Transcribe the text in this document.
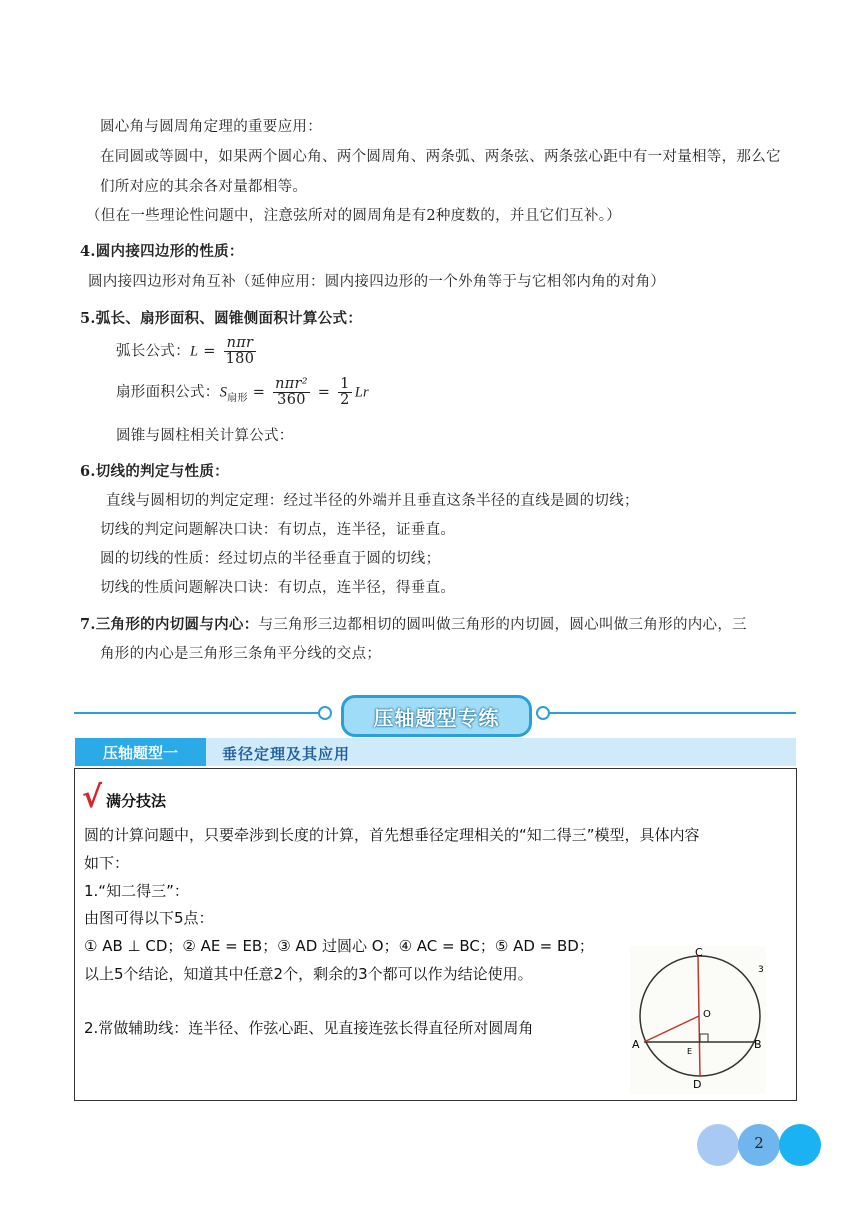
圆心角与圆周角定理的重要应用：
在同圆或等圆中，如果两个圆心角、两个圆周角、两条弧、两条弦、两条弦心距中有一对量相等，那么它
们所对应的其余各对量都相等。
（但在一些理论性问题中，注意弦所对的圆周角是有2种度数的，并且它们互补。）
4.圆内接四边形的性质：
圆内接四边形对角互补（延伸应用：圆内接四边形的一个外角等于与它相邻内角的对角）
5.弧长、扇形面积、圆锥侧面积计算公式：
弧长公式：$L = \frac{\text{nπr}}{180}$
扇形面积公式：$S_{扇形} = \frac{\text{nπr²}}{360} = \frac{1}{2}$ Lr
圆锥与圆柱相关计算公式：
6.切线的判定与性质：
直线与圆相切的判定定理：经过半径的外端并且垂直这条半径的直线是圆的切线；
切线的判定问题解决口诀：有切点，连半径，证垂直。
圆的切线的性质：经过切点的半径垂直于圆的切线；
切线的性质问题解决口诀：有切点，连半径，得垂直。
7.三角形的内切圆与内心：与三角形三边都相切的圆叫做三角形的内切圆，圆心叫做三角形的内心，三
角形的内心是三角形三条角平分线的交点；
压轴题型专练
压轴题型一	垂径定理及其应用
√ 满分技法
圆的计算问题中，只要牵涉到长度的计算，首先想垂径定理相关的“知二得三”模型，具体内容
如下：
1.“知二得三”：
由图可得以下5点：
① AB ⊥ CD；② AE = EB；③ AD 过圆心 O；④ AC = BC；⑤ AD = BD；
以上5个结论，知道其中任意2个，剩余的3个都可以作为结论使用。
2.常做辅助线：连半径、作弦心距、见直接连弦长得直径所对圆周角
C
O
A	B
E
D
3
2
